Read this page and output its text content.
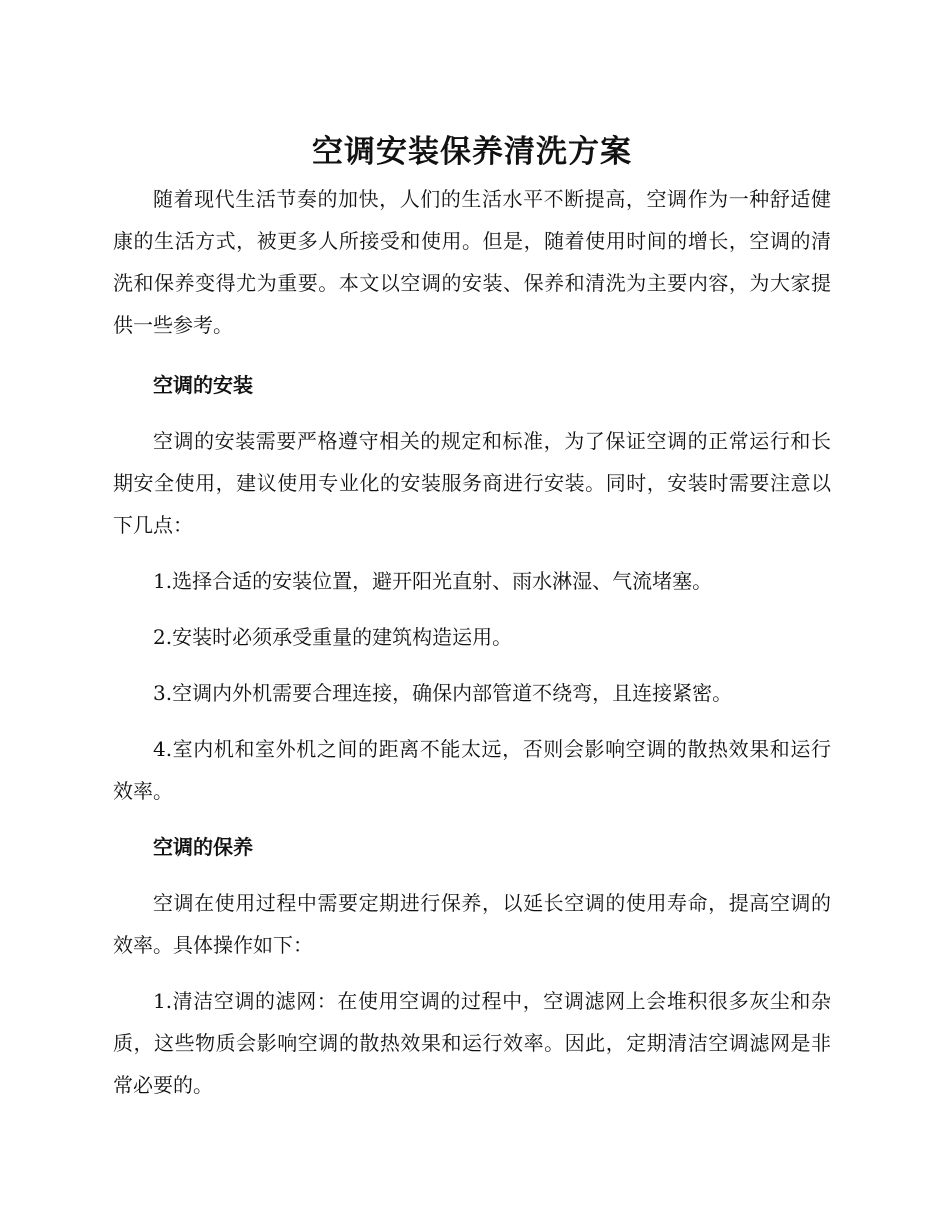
空调安装保养清洗方案

随着现代生活节奏的加快，人们的生活水平不断提高，空调作为一种舒适健康的生活方式，被更多人所接受和使用。但是，随着使用时间的增长，空调的清洗和保养变得尤为重要。本文以空调的安装、保养和清洗为主要内容，为大家提供一些参考。

空调的安装

空调的安装需要严格遵守相关的规定和标准，为了保证空调的正常运行和长期安全使用，建议使用专业化的安装服务商进行安装。同时，安装时需要注意以下几点：

1.选择合适的安装位置，避开阳光直射、雨水淋湿、气流堵塞。

2.安装时必须承受重量的建筑构造运用。

3.空调内外机需要合理连接，确保内部管道不绕弯，且连接紧密。

4.室内机和室外机之间的距离不能太远，否则会影响空调的散热效果和运行效率。

空调的保养

空调在使用过程中需要定期进行保养，以延长空调的使用寿命，提高空调的效率。具体操作如下：

1.清洁空调的滤网：在使用空调的过程中，空调滤网上会堆积很多灰尘和杂质，这些物质会影响空调的散热效果和运行效率。因此，定期清洁空调滤网是非常必要的。
